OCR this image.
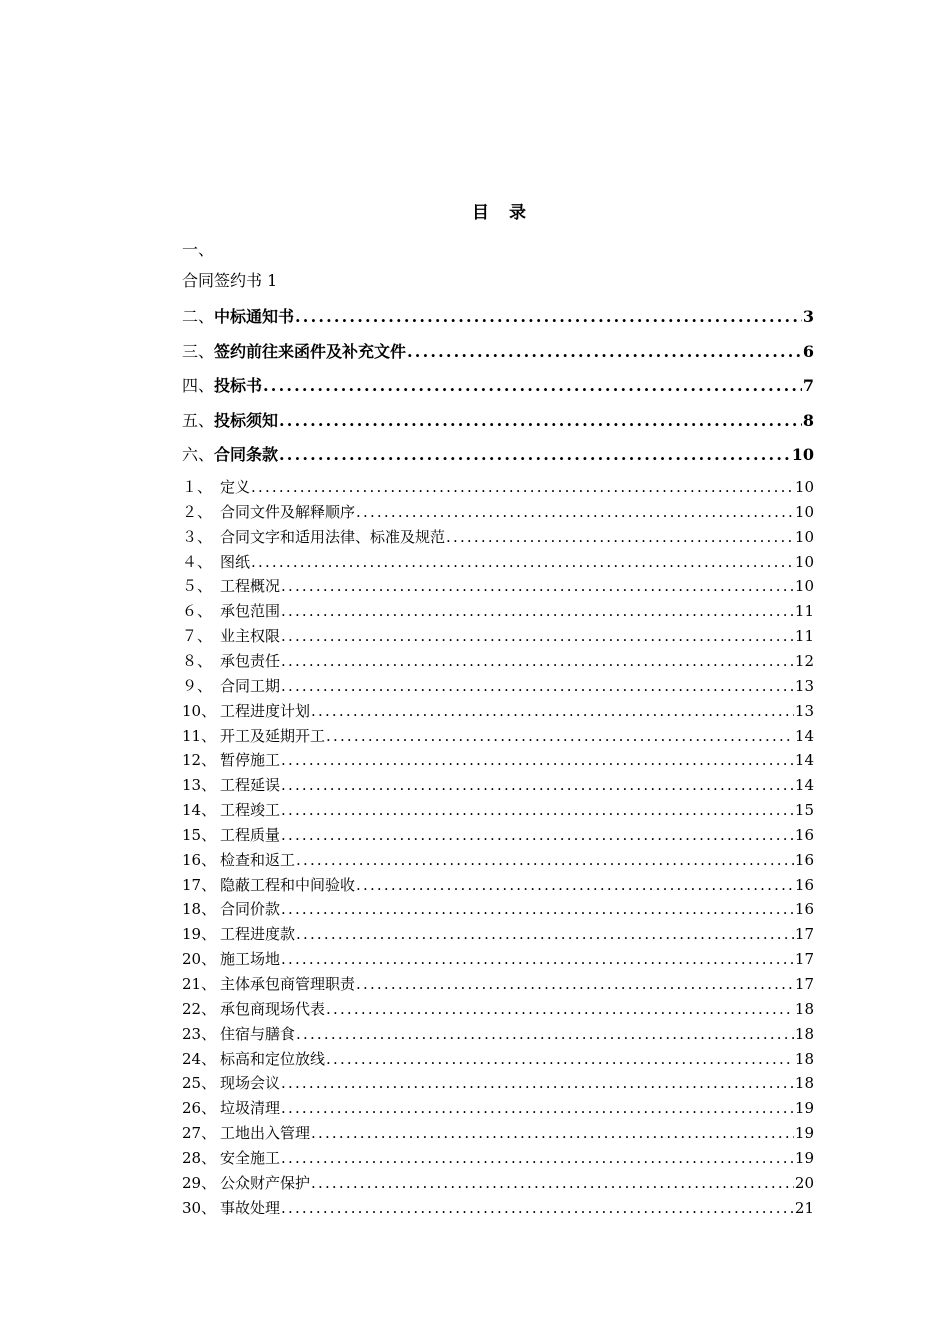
目 录
一、
合同签约书 1
二、 中标通知书 .....	3
三、 签约前往来函件及补充文件 .....	6
四、 投标书 .....	7
五、 投标须知 .....	8
六、 合同条款 .....	10
１、 定义 .....	10
２、 合同文件及解释顺序 .....	10
３、 合同文字和适用法律、标准及规范 .....	10
４、 图纸 .....	10
５、 工程概况 .....	10
６、 承包范围 .....	11
７、 业主权限 .....	11
８、 承包责任 .....	12
９、 合同工期 .....	13
10、 工程进度计划 .....	13
11、 开工及延期开工 .....	14
12、 暂停施工 .....	14
13、 工程延误 .....	14
14、 工程竣工 .....	15
15、 工程质量 .....	16
16、 检查和返工 .....	16
17、 隐蔽工程和中间验收 .....	16
18、 合同价款 .....	16
19、 工程进度款 .....	17
20、 施工场地 .....	17
21、 主体承包商管理职责 .....	17
22、 承包商现场代表 .....	18
23、 住宿与膳食 .....	18
24、 标高和定位放线 .....	18
25、 现场会议 .....	18
26、 垃圾清理 .....	19
27、 工地出入管理 .....	19
28、 安全施工 .....	19
29、 公众财产保护 .....	20
30、 事故处理 .....	21
